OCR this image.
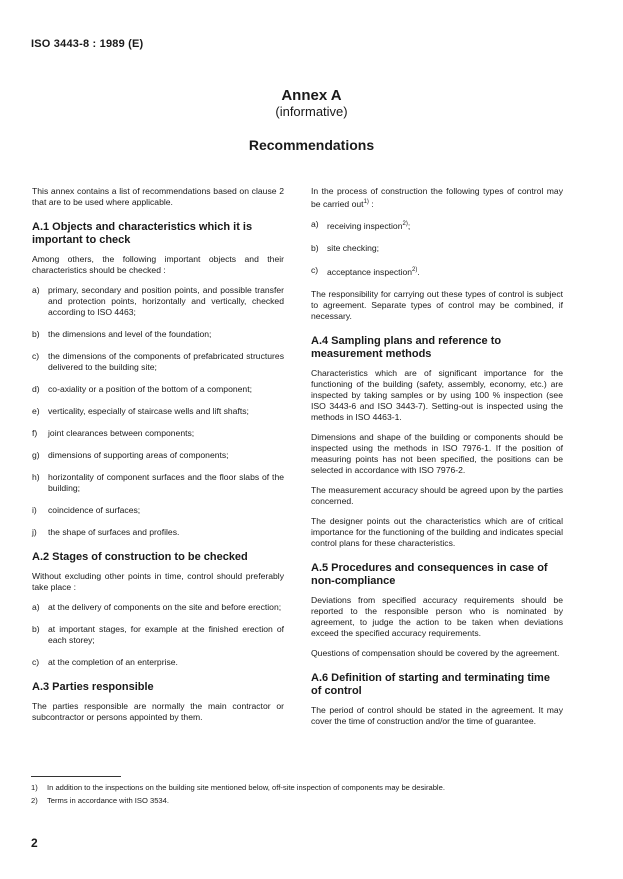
ISO 3443-8 : 1989 (E)
Annex A
(informative)
Recommendations

This annex contains a list of recommendations based on clause 2 that are to be used where applicable.

A.1 Objects and characteristics which it is important to check

Among others, the following important objects and their characteristics should be checked :

a) primary, secondary and position points, and possible transfer and protection points, horizontally and vertically, checked according to ISO 4463;
b) the dimensions and level of the foundation;
c)	the dimensions of the components of prefabricated structures delivered to the building site;
d) co-axiality or a position of the bottom of a component;
e) verticality, especially of staircase wells and lift shafts;
f)	joint clearances between components;
g) dimensions of supporting areas of components;
h) horizontality of component surfaces and the floor slabs of the building;
i)	coincidence of surfaces;
j)	the shape of surfaces and profiles.
A.2 Stages of construction to be checked

Without excluding other points in time, control should preferably take place :

a) at the delivery of components on the site and before erection;
b) at important stages, for example at the finished erection of each storey;
c)	at the completion of an enterprise.
A.3 Parties responsible

The parties responsible are normally the main contractor or subcontractor or persons appointed by them.

In the process of construction the following types of control may be carried out$^{1)}$ :

a) receiving inspection$^{2)}$;
b) site checking;
c)	acceptance inspection$^{2)}$.

The responsibility for carrying out these types of control is subject to agreement. Separate types of control may be combined, if necessary.

A.4 Sampling plans and reference to measurement methods

Characteristics which are of significant importance for the functioning of the building (safety, assembly, economy, etc.) are inspected by taking samples or by using 100 % inspection (see ISO 3443-6 and ISO 3443-7). Setting-out is inspected using the methods in ISO 4463-1.

Dimensions and shape of the building or components should be inspected using the methods in ISO 7976-1. If the position of measuring points has not been specified, the positions can be selected in accordance with ISO 7976-2.

The measurement accuracy should be agreed upon by the parties concerned.

The designer points out the characteristics which are of critical importance for the functioning of the building and indicates special control plans for these characteristics.

A.5 Procedures and consequences in case of non-compliance

Deviations from specified accuracy requirements should be reported to the responsible person who is nominated by agreement, to judge the action to be taken when deviations exceed the specified accuracy requirements.

Questions of compensation should be covered by the agreement.

A.6 Definition of starting and terminating time of control

The period of control should be stated in the agreement. It may cover the time of construction and/or the time of guarantee.

1)	In addition to the inspections on the building site mentioned below, off-site inspection of components may be desirable.
2)	Terms in accordance with ISO 3534.
2
